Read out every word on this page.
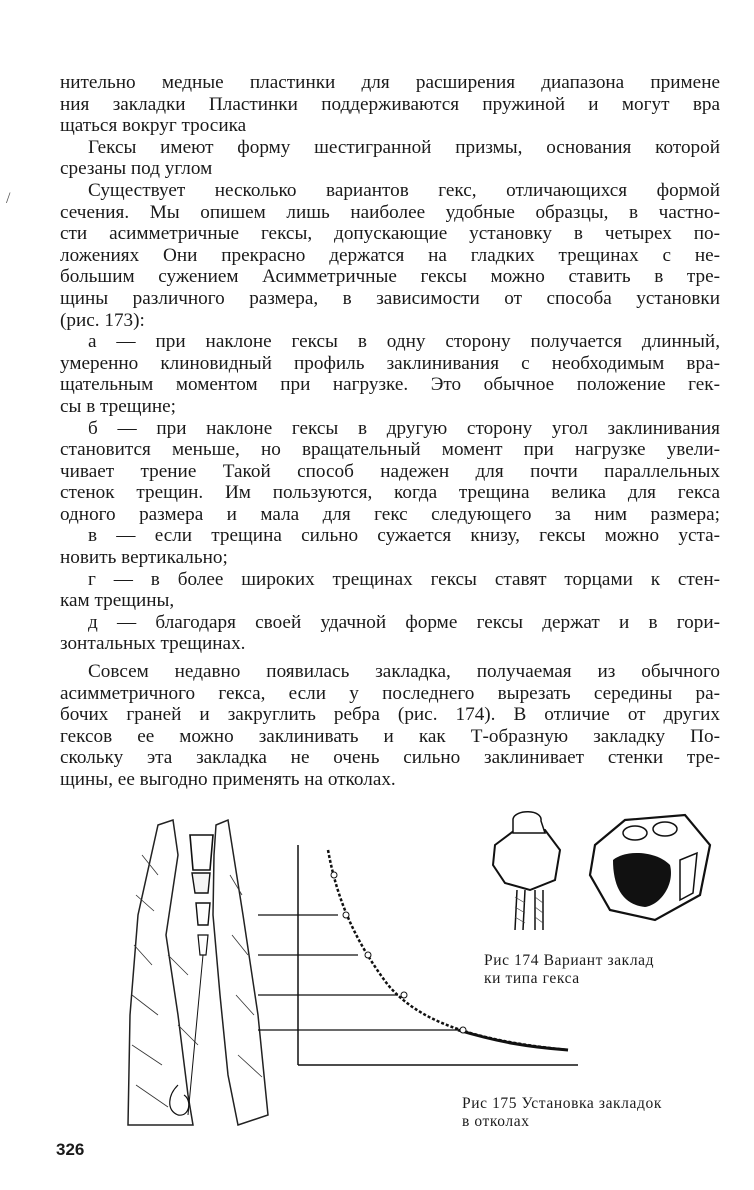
/
нительно медные пластинки для расширения диапазона примене
ния закладки Пластинки поддерживаются пружиной и могут вра
щаться вокруг тросика
Гексы имеют форму шестигранной призмы, основания которой
срезаны под углом
Существует несколько вариантов гекс, отличающихся формой
сечения. Мы опишем лишь наиболее удобные образцы, в частно-
сти асимметричные гексы, допускающие установку в четырех по-
ложениях Они прекрасно держатся на гладких трещинах с не-
большим сужением Асимметричные гексы можно ставить в тре-
щины различного размера, в зависимости от способа установки
(рис. 173):
а — при наклоне гексы в одну сторону получается длинный,
умеренно клиновидный профиль заклинивания с необходимым вра-
щательным моментом при нагрузке. Это обычное положение гек-
сы в трещине;
б — при наклоне гексы в другую сторону угол заклинивания
становится меньше, но вращательный момент при нагрузке увели-
чивает трение Такой способ надежен для почти параллельных
стенок трещин. Им пользуются, когда трещина велика для гекса
одного размера и мала для гекс следующего за ним размера;
в — если трещина сильно сужается книзу, гексы можно уста-
новить вертикально;
г — в более широких трещинах гексы ставят торцами к стен-
кам трещины,
д — благодаря своей удачной форме гексы держат и в гори-
зонтальных трещинах.
Совсем недавно появилась закладка, получаемая из обычного
асимметричного гекса, если у последнего вырезать середины ра-
бочих граней и закруглить ребра (рис. 174). В отличие от других
гексов ее можно заклинивать и как Т-образную закладку По-
скольку эта закладка не очень сильно заклинивает стенки тре-
щины, ее выгодно применять на отколах.
Рис 174 Вариант заклад
ки типа гекса
Рис 175 Установка закладок
в отколах
326
